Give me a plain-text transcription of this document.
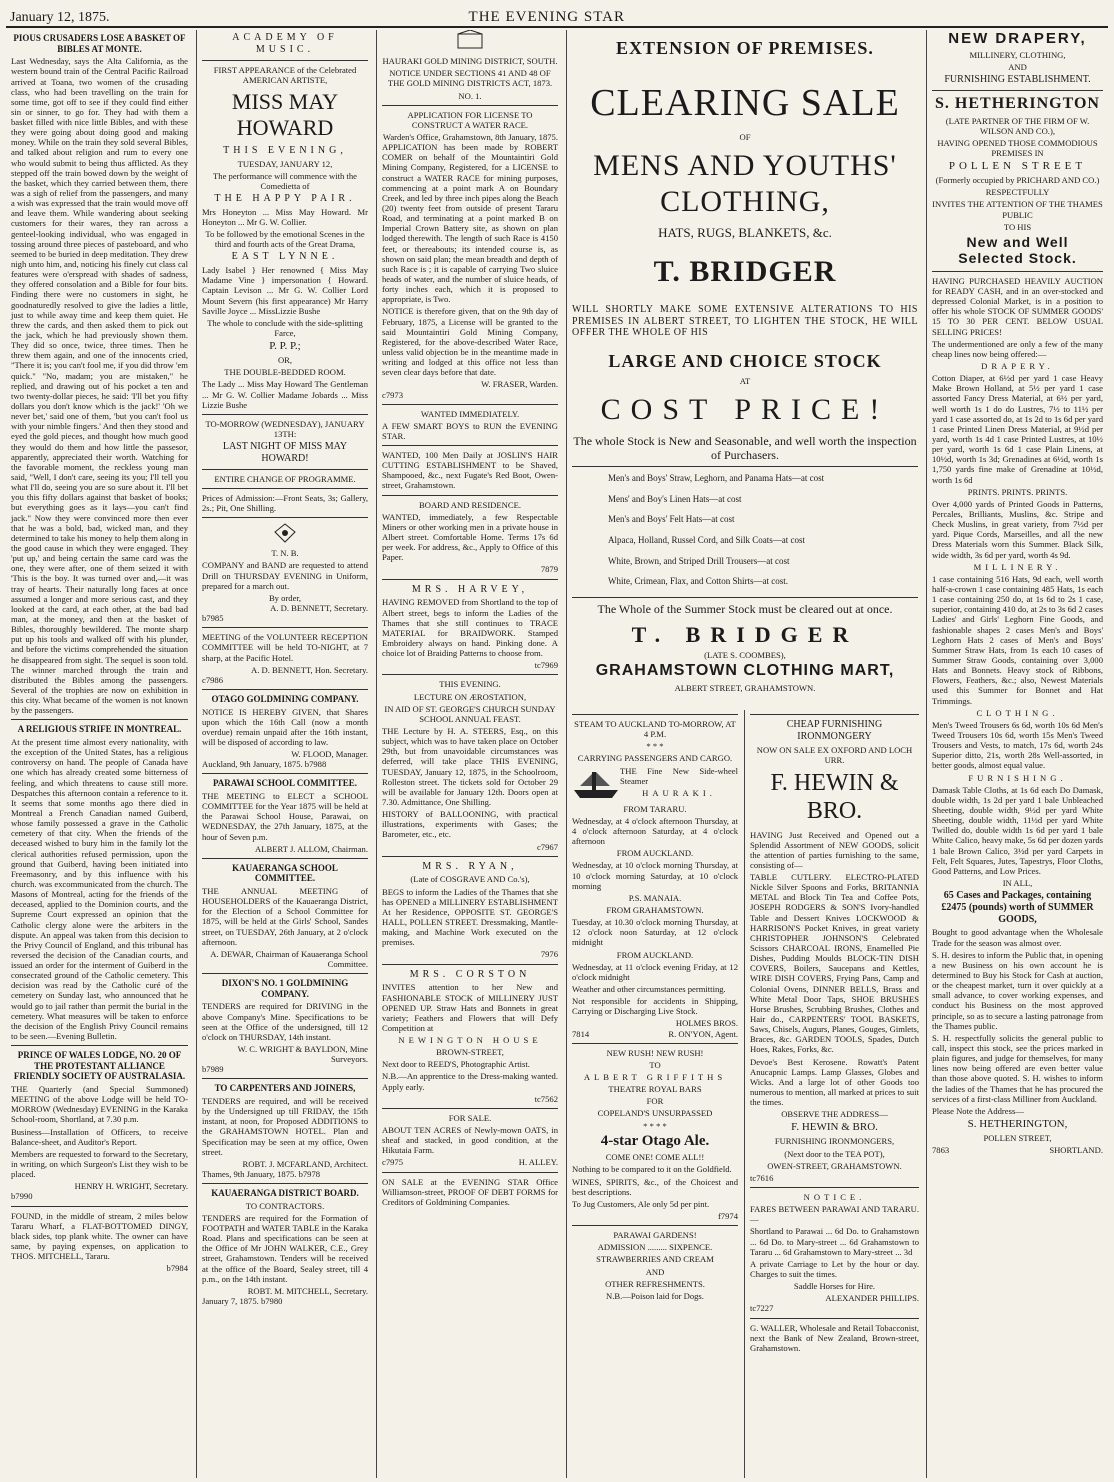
January 12, 1875.	THE EVENING STAR
PIOUS CRUSADERS LOSE A BASKET OF BIBLES AT MONTE.

Last Wednesday, says the Alta California, as the western bound train of the Central Pacific Railroad arrived at Toana, two women of the crusading class, who had been travelling on the train for some time, got off to see if they could find either sin or sinner, to go for. They had with them a basket filled with nice little Bibles, and with these they were going about doing good and making money. While on the train they sold several Bibles, and talked about religion and rum to every one who would submit to being thus afflicted. As they stepped off the train bowed down by the weight of the basket, which they carried between them, there was a sigh of relief from the passengers, and many a wish was expressed that the train would move off and leave them. While wandering about seeking customers for their wares, they ran across a genteel-looking individual, who was engaged in tossing around three pieces of pasteboard, and who seemed to be buried in deep meditation. They drew nigh unto him, and, noticing his finely cut class cal features were o'erspread with shades of sadness, they offered consolation and a Bible for four bits. Finding there were no customers in sight, he goodnaturedly resolved to give the ladies a little, just to while away time and keep them quiet. He threw the cards, and then asked them to pick out the jack, which he had previously shown them. They did so once, twice, three times. Then he threw them again, and one of the innocents cried, "There it is; you can't fool me, if you did throw 'em quick." "No, madam; you are mistaken," he replied, and drawing out of his pocket a ten and two twenty-dollar pieces, he said: 'I'll bet you fifty dollars you don't know which is the jack!' 'Oh we never bet,' said one of them, 'but you can't fool us with your nimble fingers.' And then they stood and eyed the gold pieces, and thought how much good they would do them and how little the passesor, apparently, appreciated their worth. Watching for the favorable moment, the reckless young man said, "Well, I don't care, seeing its you; I'll tell you what I'll do, seeing you are so sure about it. I'll bet you this fifty dollars against that basket of books; but everything goes as it lays—you can't find jack." Now they were convinced more then ever that he was a bold, bad, wicked man, and they determined to take his money to help them along in the good cause in which they were engaged. They 'put up,' and being certain the same card was the one, they were after, one of them seized it with 'This is the boy. It was turned over and,—it was tray of hearts. Their naturally long faces at once assumed a longer and more serious cast, and they looked at the card, at each other, at the bad bad man, at the money, and then at the basket of Bibles, thoroughly bewildered. The monte sharp put up his tools and walked off with his plunder, and before the victims comprehended the situation he disappeared from sight. The sequel is soon told. The winner marched through the train and distributed the Bibles among the passengers. Several of the trophies are now on exhibition in this city. What became of the women is not known by the passengers.

A RELIGIOUS STRIFE IN MONTREAL.

At the present time almost every nationality, with the exception of the United States, has a religious controversy on hand. The people of Canada have one which has already created some bitterness of feeling, and which threatens to cause still more. Despatches this afternoon contain a reference to it. It seems that some months ago there died in Montreal a French Canadian named Guiberd, whose family possessed a grave in the Catholic cemetery of that city. When the friends of the deceased wished to bury him in the family lot the clerical authorities refused permission, upon the ground that Guiberd, having been initiated into Freemasonry, and by this influence with his church. was excommunicated from the church. The Masons of Montreal, acting for the friends of the deceased, applied to the Dominion courts, and the Supreme Court expressed an opinion that the Catholic clergy alone were the arbiters in the dispute. An appeal was taken from this decision to the Privy Council of England, and this tribunal has reversed the decision of the Canadian courts, and issued an order for the interment of Guiberd in the consecrated ground of the Catholic cemetery. This decision was read by the Catholic curé of the cemetery on Sunday last, who announced that he would go to jail rather than permit the burial in the cemetery. What measures will be taken to enforce the decision of the English Privy Council remains to be seen.—Evening Bulletin.

PRINCE OF WALES LODGE, NO. 20 OF THE PROTESTANT ALLIANCE FRIENDLY SOCIETY OF AUSTRALASIA.

THE Quarterly (and Special Summoned) MEETING of the above Lodge will be held TO-MORROW (Wednesday) EVENING in the Karaka School-room, Shortland, at 7.30 p.m.

Business—Installation of Officers, to receive Balance-sheet, and Auditor's Report.

Members are requested to forward to the Secretary, in writing, on which Surgeon's List they wish to be placed.

HENRY H. WRIGHT, Secretary.
b7990

FOUND, in the middle of stream, 2 miles below Tararu Wharf, a FLAT-BOTTOMED DINGY, black sides, top plank white. The owner can have same, by paying expenses, on application to THOS. MITCHELL, Tararu.

b7984
ACADEMY OF MUSIC.
FIRST APPEARANCE of the Celebrated AMERICAN ARTISTE,
MISS MAY HOWARD
THIS EVENING,
TUESDAY, JANUARY 12,
The performance will commence with the Comedietta of
THE HAPPY PAIR.

Mrs Honeyton ... Miss May Howard. Mr Honeyton ... Mr G. W. Collier.

To be followed by the emotional Scenes in the third and fourth acts of the Great Drama,
EAST LYNNE.

Lady Isabel } Her renowned { Miss May Madame Vine } impersonation { Howard. Captain Levison ... Mr G. W. Collier Lord Mount Severn (his first appearance) Mr Harry Saville Joyce ... MissLizzie Bushe

The whole to conclude with the side-splitting Farce,
P. P. P.;
OR,
THE DOUBLE-BEDDED ROOM.

The Lady ... Miss May Howard The Gentleman ... Mr G. W. Collier Madame Jobards ... Miss Lizzie Bushe

TO-MORROW (WEDNESDAY), JANUARY 13TH:
LAST NIGHT OF MISS MAY HOWARD!
ENTIRE CHANGE OF PROGRAMME.

Prices of Admission:—Front Seats, 3s; Gallery, 2s.; Pit, One Shilling.

T. N. B.

COMPANY and BAND are requested to attend Drill on THURSDAY EVENING in Uniform, prepared for a march out.

By order,
A. D. BENNETT, Secretary.
b7985

MEETING of the VOLUNTEER RECEPTION COMMITTEE will be held TO-NIGHT, at 7 sharp, at the Pacific Hotel.

A. D. BENNETT, Hon. Secretary.
c7986
OTAGO GOLDMINING COMPANY.

NOTICE IS HEREBY GIVEN, that Shares upon which the 16th Call (now a month overdue) remain unpaid after the 16th instant, will be disposed of according to law.

W. FLOOD, Manager.
Auckland, 9th January, 1875. b7988
PARAWAI SCHOOL COMMITTEE.

THE MEETING to ELECT a SCHOOL COMMITTEE for the Year 1875 will be held at the Parawai School House, Parawai, on WEDNESDAY, the 27th January, 1875, at the hour of Seven p.m.

ALBERT J. ALLOM, Chairman.
KAUAERANGA SCHOOL COMMITTEE.

THE ANNUAL MEETING of HOUSEHOLDERS of the Kauaeranga District, for the Election of a School Committee for 1875, will be held at the Girls' School, Sandes street, on TUESDAY, 26th January, at 2 o'clock afternoon.

A. DEWAR, Chairman of Kauaeranga School Committee.
DIXON'S NO. 1 GOLDMINING COMPANY.

TENDERS are required for DRIVING in the above Company's Mine. Specifications to be seen at the Office of the undersigned, till 12 o'clock on THURSDAY, 14th instant.

W. C. WRIGHT & BAYLDON, Mine Surveyors.
b7989
TO CARPENTERS AND JOINERS,

TENDERS are required, and will be received by the Undersigned up till FRIDAY, the 15th instant, at noon, for Proposed ADDITIONS to the GRAHAMSTOWN HOTEL. Plan and Specification may be seen at my office, Owen street.

ROBT. J. MCFARLAND, Architect.
Thames, 9th January, 1875. b7978
KAUAERANGA DISTRICT BOARD.
TO CONTRACTORS.

TENDERS are required for the Formation of FOOTPATH and WATER TABLE in the Karaka Road. Plans and specifications can be seen at the Office of Mr JOHN WALKER, C.E., Grey street, Grahamstown. Tenders will be received at the office of the Board, Sealey street, till 4 p.m., on the 14th instant.

ROBT. M. MITCHELL, Secretary.
January 7, 1875. b7980
HAURAKI GOLD MINING DISTRICT, SOUTH.
NOTICE UNDER SECTIONS 41 AND 48 OF THE GOLD MINING DISTRICTS ACT, 1873.
NO. 1.
APPLICATION FOR LICENSE TO CONSTRUCT A WATER RACE.
Warden's Office, Grahamstown, 8th January, 1875.

APPLICATION has been made by ROBERT COMER on behalf of the Mountaintiri Gold Mining Company, Registered, for a LICENSE to construct a WATER RACE for mining purposes, commencing at a point mark A on Boundary Creek, and led by three inch pipes along the Beach (20) twenty feet from outside of present Tararu Road, and terminating at a point marked B on Imperial Crown Battery site, as shown on plan lodged therewith. The length of such Race is 4150 feet, or thereabouts; its intended course is, as shown on said plan; the mean breadth and depth of such Race is ; it is capable of carrying Two sluice heads of water, and the number of sluice heads, of forty inches each, which it is proposed to appropriate, is Two.

NOTICE is therefore given, that on the 9th day of February, 1875, a License will be granted to the said Mountaintiri Gold Mining Company, Registered, for the above-described Water Race, unless valid objection be in the meantime made in writing and lodged at this office not less than seven clear days before that date.

W. FRASER, Warden.
c7973
WANTED IMMEDIATELY.

A FEW SMART BOYS to RUN the EVENING STAR.

WANTED, 100 Men Daily at JOSLIN'S HAIR CUTTING ESTABLISHMENT to be Shaved, Shampooed, &c., next Fugate's Red Boot, Owen-street, Grahamstown.

BOARD AND RESIDENCE.

WANTED, immediately, a few Respectable Miners or other working men in a private house in Albert street. Comfortable Home. Terms 17s 6d per week. For address, &c., Apply to Office of this Paper.

7879
MRS. HARVEY,

HAVING REMOVED from Shortland to the top of Albert street, begs to inform the Ladies of the Thames that she still continues to TRACE MATERIAL for BRAIDWORK. Stamped Embroidery always on hand. Pinking done. A choice lot of Braiding Patterns to choose from.

tc7969
THIS EVENING.
LECTURE ON ÆROSTATION,
IN AID OF ST. GEORGE'S CHURCH SUNDAY SCHOOL ANNUAL FEAST.

THE Lecture by H. A. STEERS, Esq., on this subject, which was to have taken place on October 29th, but from unavoidable circumstances was deferred, will take place THIS EVENING, TUESDAY, January 12, 1875, in the Schoolroom, Rolleston street. The tickets sold for October 29 will be available for January 12th. Doors open at 7.30. Admittance, One Shilling.

HISTORY of BALLOONING, with practical illustrations, experiments with Gases; the Barometer, etc., etc.

c7967
MRS. RYAN,
(Late of COSGRAVE AND Co.'s),

BEGS to inform the Ladies of the Thames that she has OPENED a MILLINERY ESTABLISHMENT At her Residence, OPPOSITE ST. GEORGE'S HALL, POLLEN STREET. Dressmaking, Mantle-making, and Machine Work executed on the premises.

7976
MRS. CORSTON

INVITES attention to her New and FASHIONABLE STOCK of MILLINERY JUST OPENED UP. Straw Hats and Bonnets in great variety; Feathers and Flowers that will Defy Competition at

NEWINGTON HOUSE
BROWN-STREET,

Next door to REED'S, Photographic Artist.

N.B.—An apprentice to the Dress-making wanted. Apply early.

tc7562
FOR SALE.

ABOUT TEN ACRES of Newly-mown OATS, in sheaf and stacked, in good condition, at the Hikutaia Farm.

c7975	H. ALLEY.

ON SALE at the EVENING STAR Office Williamson-street, PROOF OF DEBT FORMS for Creditors of Goldmining Companies.

EXTENSION OF PREMISES.
CLEARING SALE
OF
MENS AND YOUTHS' CLOTHING,
HATS, RUGS, BLANKETS, &c.
T. BRIDGER

WILL SHORTLY MAKE SOME EXTENSIVE ALTERATIONS TO HIS PREMISES IN ALBERT STREET, TO LIGHTEN THE STOCK, HE WILL OFFER THE WHOLE OF HIS

LARGE AND CHOICE STOCK
AT
COST PRICE!

The whole Stock is New and Seasonable, and well worth the inspection of Purchasers.

Men's and Boys' Straw, Leghorn, and Panama Hats—at cost
Mens' and Boy's Linen Hats—at cost
Men's and Boys' Felt Hats—at cost
Alpaca, Holland, Russel Cord, and Silk Coats—at cost
White, Brown, and Striped Drill Trousers—at cost
White, Crimean, Flax, and Cotton Shirts—at cost.

The Whole of the Summer Stock must be cleared out at once.

T. BRIDGER
(LATE S. COOMBES),
GRAHAMSTOWN CLOTHING MART,
ALBERT STREET, GRAHAMSTOWN.
STEAM TO AUCKLAND TO-MORROW, AT 4 P.M.
* * *
CARRYING PASSENGERS AND CARGO.

THE Fine New Side-wheel Steamer

HAURAKI.
FROM TARARU.

Wednesday, at 4 o'clock afternoon Thursday, at 4 o'clock afternoon Saturday, at 4 o'clock afternoon

FROM AUCKLAND.

Wednesday, at 10 o'clock morning Thursday, at 10 o'clock morning Saturday, at 10 o'clock morning

P.S. MANAIA.
FROM GRAHAMSTOWN.

Tuesday, at 10.30 o'clock morning Thursday, at 12 o'clock noon Saturday, at 12 o'clock midnight

FROM AUCKLAND.

Wednesday, at 11 o'clock evening Friday, at 12 o'clock midnight

Weather and other circumstances permitting.

Not responsible for accidents in Shipping, Carrying or Discharging Live Stock.

HOLMES BROS.
7814	R. ON'YON, Agent.
NEW RUSH! NEW RUSH!
TO
ALBERT GRIFFITHS
THEATRE ROYAL BARS
FOR
COPELAND'S UNSURPASSED
* * * *
4-star Otago Ale.
COME ONE! COME ALL!!

Nothing to be compared to it on the Goldfield.

WINES, SPIRITS, &c., of the Choicest and best descriptions.

To Jug Customers, Ale only 5d per pint.

f7974
PARAWAI GARDENS!
ADMISSION ......... SIXPENCE.
STRAWBERRIES AND CREAM
AND
OTHER REFRESHMENTS.
N.B.—Poison laid for Dogs.
CHEAP FURNISHING IRONMONGERY
NOW ON SALE EX OXFORD AND LOCH URR.
F. HEWIN & BRO.

HAVING Just Received and Opened out a Splendid Assortment of NEW GOODS, solicit the attention of parties furnishing to the same, consisting of—

TABLE CUTLERY. ELECTRO-PLATED Nickle Silver Spoons and Forks, BRITANNIA METAL and Block Tin Tea and Coffee Pots, JOSEPH RODGERS & SON'S Ivory-handled Table and Dessert Knives LOCKWOOD & HARRISON'S Pocket Knives, in great variety CHRISTOPHER JOHNSON'S Celebrated Scissors CHARCOAL IRONS, Enamelled Pie Dishes, Pudding Moulds BLOCK-TIN DISH COVERS, Boilers, Saucepans and Kettles, WIRE DISH COVERS, Frying Pans, Camp and Colonial Ovens, DINNER BELLS, Brass and White Metal Door Taps, SHOE BRUSHES Horse Brushes, Scrubbing Brushes, Clothes and Hair do., CARPENTERS' TOOL BASKETS, Saws, Chisels, Augurs, Planes, Gouges, Gimlets, Braces, &c. GARDEN TOOLS, Spades, Dutch Hoes, Rakes, Forks, &c.

Devoe's Best Kerosene. Rowatt's Patent Anucapnic Lamps. Lamp Glasses, Globes and Wicks. And a large lot of other Goods too numerous to mention, all marked at prices to suit the times.

OBSERVE THE ADDRESS—
F. HEWIN & BRO.
FURNISHING IRONMONGERS,
(Next door to the TEA POT),
OWEN-STREET, GRAHAMSTOWN.
tc7616
NOTICE.

FARES BETWEEN PARAWAI AND TARARU.—

Shortland to Parawai ... 6d Do. to Grahamstown ... 6d Do. to Mary-street ... 6d Grahamstown to Tararu ... 6d Grahamstown to Mary-street ... 3d

A private Carriage to Let by the hour or day. Charges to suit the times.

Saddle Horses for Hire.
ALEXANDER PHILLIPS.
tc7227

G. WALLER, Wholesale and Retail Tobacconist, next the Bank of New Zealand, Brown-street, Grahamstown.

NEW DRAPERY,
MILLINERY, CLOTHING,
AND
FURNISHING ESTABLISHMENT.
S. HETHERINGTON
(LATE PARTNER OF THE FIRM OF W. WILSON AND CO.),
HAVING OPENED THOSE COMMODIOUS PREMISES IN
POLLEN STREET
(Formerly occupied by PRICHARD AND CO.)
RESPECTFULLY
INVITES THE ATTENTION OF THE THAMES PUBLIC
TO HIS
New and Well Selected Stock.

HAVING PURCHASED HEAVILY AUCTION for READY CASH, and in an over-stocked and depressed Colonial Market, is in a position to offer his whole STOCK OF SUMMER GOODS' 15 TO 30 PER CENT. BELOW USUAL SELLING PRICES!

The undermentioned are only a few of the many cheap lines now being offered:—

DRAPERY.

Cotton Diaper, at 6½d per yard 1 case Heavy Make Brown Holland, at 5½ per yard 1 case assorted Fancy Dress Material, at 6½ per yard, well worth 1s 1 do do Lustres, 7½ to 11½ per yard 1 case assorted do, at 1s 2d to 1s 6d per yard 1 case Printed Linen Dress Material, at 9½d per yard, worth 1s 4d 1 case Printed Lustres, at 10½ per yard, worth 1s 6d 1 case Plain Linens, at 10½d, worth 1s 3d; Grenadines at 6½d, worth 1s 1,750 yards fine make of Grenadine at 10½d, worth 1s 6d

PRINTS. PRINTS. PRINTS.

Over 4,000 yards of Printed Goods in Patterns, Percales, Brilliants, Muslins, &c. Stripe and Check Muslins, in great variety, from 7½d per yard. Pique Cords, Marseilles, and all the new Dress Materials worn this Summer. Black Silk, wide width, 3s 6d per yard, worth 4s 9d.

MILLINERY.

1 case containing 516 Hats, 9d each, well worth half-a-crown 1 case containing 485 Hats, 1s each 1 case containing 250 do, at 1s 6d to 2s 1 case, superior, containing 410 do, at 2s to 3s 6d 2 cases Ladies' and Girls' Leghorn Fine Goods, and fashionable shapes 2 cases Men's and Boys' Leghorn Hats 2 cases of Men's and Boys' Summer Straw Hats, from 1s each 10 cases of Summer Straw Goods, containing over 3,000 Hats and Bonnets. Heavy stock of Ribbons, Flowers, Feathers, &c.; also, Newest Materials used this Summer for Bonnet and Hat Trimmings.

CLOTHING.

Men's Tweed Trousers 6s 6d, worth 10s 6d Men's Tweed Trousers 10s 6d, worth 15s Men's Tweed Trousers and Vests, to match, 17s 6d, worth 24s Superior ditto, 21s, worth 28s Well-assorted, in better goods, almost equal value.

FURNISHING.

Damask Table Cloths, at 1s 6d each Do Damask, double width, 1s 2d per yard 1 bale Unbleached Sheeting, double width, 9½d per yard White Sheeting, double width, 11½d per yard White Twilled do, double width 1s 6d per yard 1 bale White Calico, heavy make, 5s 6d per dozen yards 1 bale Brown Calico, 3½d per yard Carpets in Felt, Felt Squares, Jutes, Tapestrys, Floor Cloths, Good Patterns, and Low Prices.

IN ALL,
65 Cases and Packages, containing £2475 (pounds) worth of SUMMER GOODS,

Bought to good advantage when the Wholesale Trade for the season was almost over.

S. H. desires to inform the Public that, in opening a new Business on his own account he is determined to Buy his Stock for Cash at auction, or the cheapest market, turn it over quickly at a small advance, to cover working expenses, and conduct his Business on the most approved principle, so as to secure a lasting patronage from the Thames public.

S. H. respectfully solicits the general public to call, inspect this stock, see the prices marked in plain figures, and judge for themselves, for many lines now being offered are even better value than those above quoted. S. H. wishes to inform the ladies of the Thames that he has procured the services of a first-class Milliner from Auckland.

Please Note the Address—
S. HETHERINGTON,
POLLEN STREET,
7863	SHORTLAND.
